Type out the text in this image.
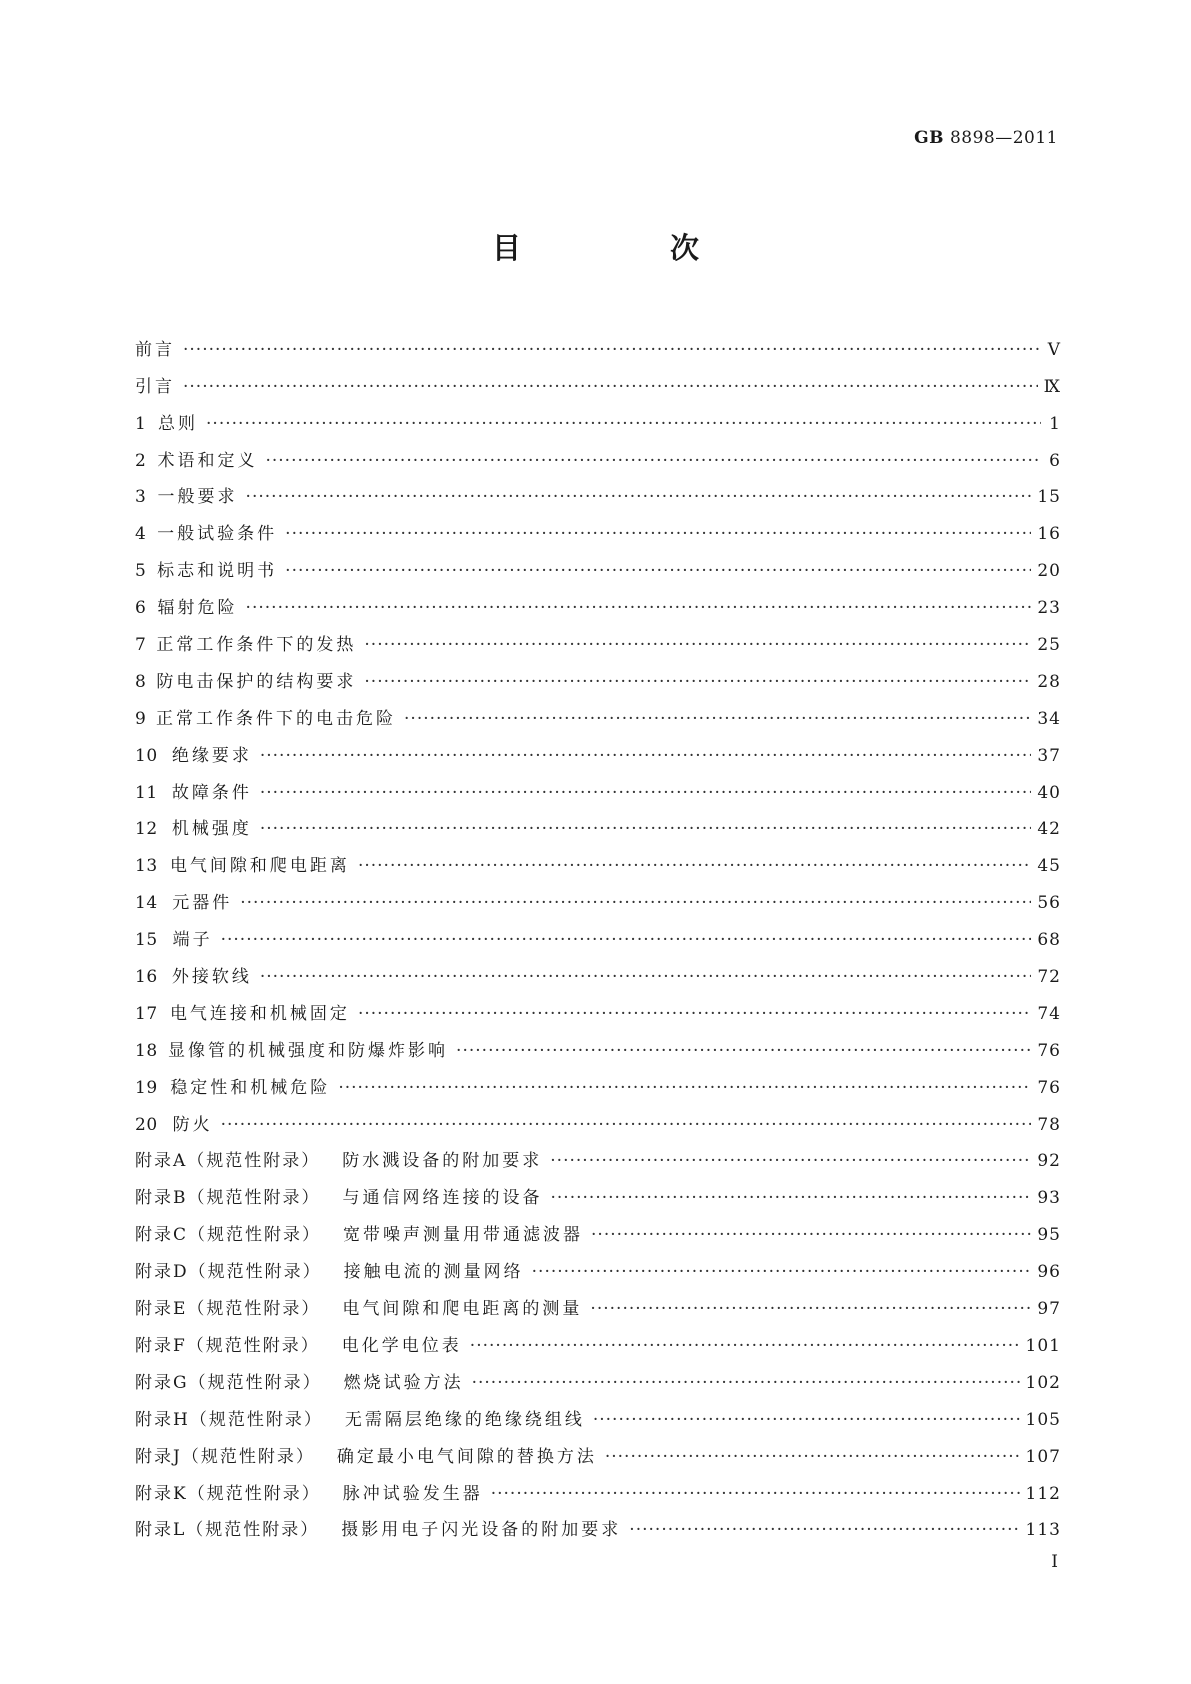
GB 8898—2011
目　次
前言 ·····	Ⅴ
引言 ·····	Ⅸ
1 总则 ·····	1
2 术语和定义 ·····	6
3 一般要求 ·····	15
4 一般试验条件 ·····	16
5 标志和说明书 ·····	20
6 辐射危险 ·····	23
7 正常工作条件下的发热 ·····	25
8 防电击保护的结构要求 ·····	28
9 正常工作条件下的电击危险 ·····	34
10 绝缘要求 ·····	37
11 故障条件 ·····	40
12 机械强度 ·····	42
13 电气间隙和爬电距离 ·····	45
14 元器件 ·····	56
15 端子 ·····	68
16 外接软线 ·····	72
17 电气连接和机械固定 ·····	74
18 显像管的机械强度和防爆炸影响 ·····	76
19 稳定性和机械危险 ·····	76
20 防火 ·····	78
附录A（规范性附录） 防水溅设备的附加要求 ·····	92
附录B（规范性附录） 与通信网络连接的设备 ·····	93
附录C（规范性附录） 宽带噪声测量用带通滤波器 ·····	95
附录D（规范性附录） 接触电流的测量网络 ·····	96
附录E（规范性附录） 电气间隙和爬电距离的测量 ·····	97
附录F（规范性附录） 电化学电位表 ·····	101
附录G（规范性附录） 燃烧试验方法 ·····	102
附录H（规范性附录） 无需隔层绝缘的绝缘绕组线 ·····	105
附录J（规范性附录） 确定最小电气间隙的替换方法 ·····	107
附录K（规范性附录） 脉冲试验发生器 ·····	112
附录L（规范性附录） 摄影用电子闪光设备的附加要求 ·····	113
I
